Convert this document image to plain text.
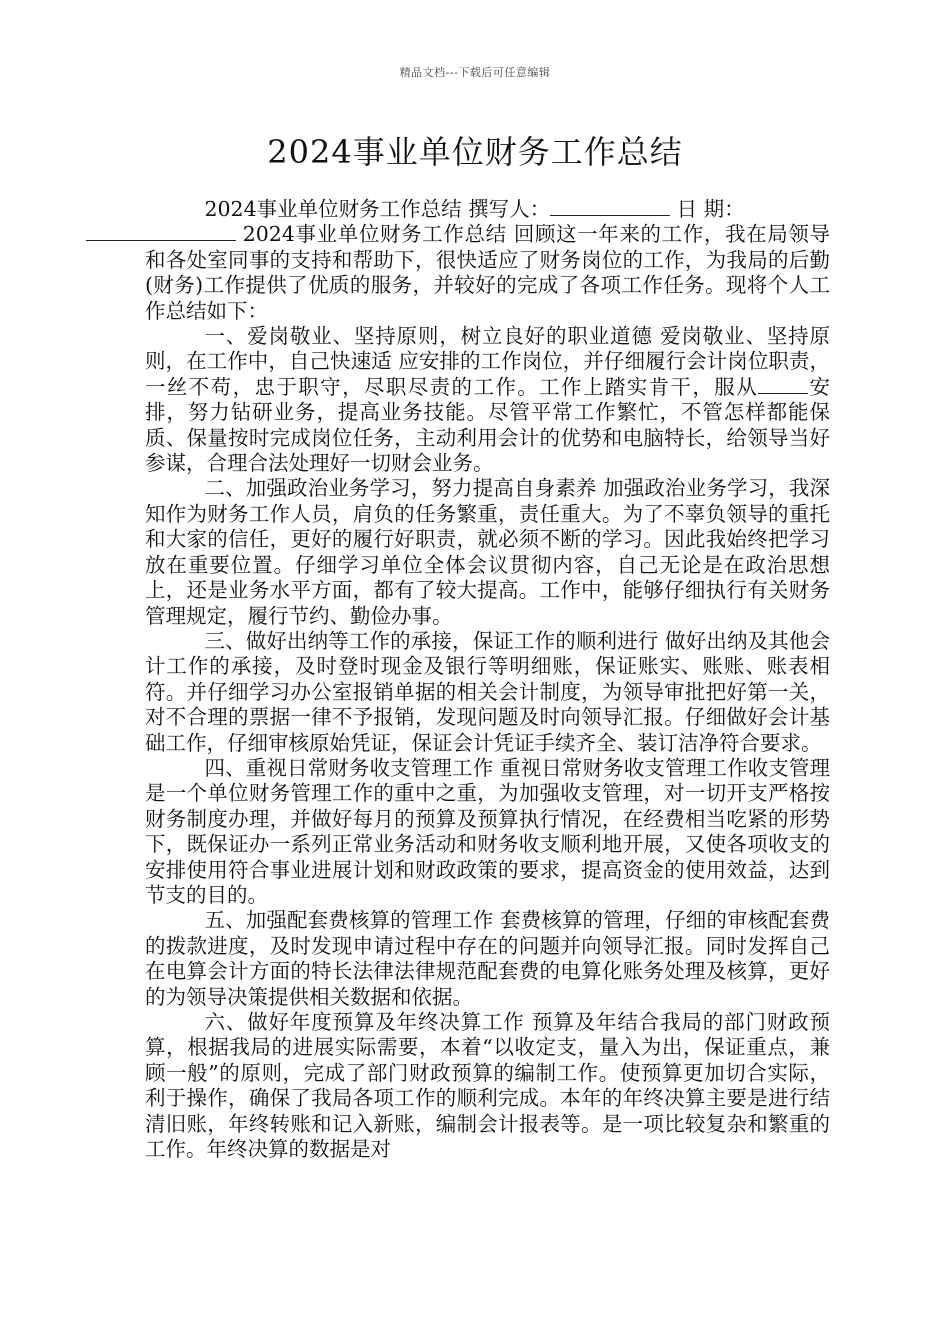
精品文档---下载后可任意编辑
2024事业单位财务工作总结

2024事业单位财务工作总结 撰写人：	日 期：
2024事业单位财务工作总结 回顾这一年来的工作，我在局领导和各处室同事的支持和帮助下，很快适应了财务岗位的工作，为我局的后勤(财务)工作提供了优质的服务，并较好的完成了各项工作任务。现将个人工作总结如下：

一、爱岗敬业、坚持原则，树立良好的职业道德 爱岗敬业、坚持原则，在工作中，自己快速适 应安排的工作岗位，并仔细履行会计岗位职责，一丝不苟，忠于职守，尽职尽责的工作。工作上踏实肯干，服从 安排，努力钻研业务，提高业务技能。尽管平常工作繁忙，不管怎样都能保质、保量按时完成岗位任务，主动利用会计的优势和电脑特长，给领导当好参谋，合理合法处理好一切财会业务。

二、加强政治业务学习，努力提高自身素养 加强政治业务学习，我深知作为财务工作人员，肩负的任务繁重，责任重大。为了不辜负领导的重托和大家的信任，更好的履行好职责，就必须不断的学习。因此我始终把学习放在重要位置。仔细学习单位全体会议贯彻内容，自己无论是在政治思想上，还是业务水平方面，都有了较大提高。工作中，能够仔细执行有关财务管理规定，履行节约、勤俭办事。

三、做好出纳等工作的承接，保证工作的顺利进行 做好出纳及其他会计工作的承接，及时登时现金及银行等明细账，保证账实、账账、账表相符。并仔细学习办公室报销单据的相关会计制度，为领导审批把好第一关，对不合理的票据一律不予报销，发现问题及时向领导汇报。仔细做好会计基础工作，仔细审核原始凭证，保证会计凭证手续齐全、装订洁净符合要求。

四、重视日常财务收支管理工作 重视日常财务收支管理工作收支管理是一个单位财务管理工作的重中之重，为加强收支管理，对一切开支严格按财务制度办理，并做好每月的预算及预算执行情况，在经费相当吃紧的形势下，既保证办一系列正常业务活动和财务收支顺利地开展，又使各项收支的安排使用符合事业进展计划和财政政策的要求，提高资金的使用效益，达到节支的目的。

五、加强配套费核算的管理工作 套费核算的管理，仔细的审核配套费的拨款进度，及时发现申请过程中存在的问题并向领导汇报。同时发挥自己在电算会计方面的特长法律法律规范配套费的电算化账务处理及核算，更好的为领导决策提供相关数据和依据。

六、做好年度预算及年终决算工作 预算及年结合我局的部门财政预算，根据我局的进展实际需要，本着“以收定支，量入为出，保证重点，兼顾一般”的原则，完成了部门财政预算的编制工作。使预算更加切合实际，利于操作，确保了我局各项工作的顺利完成。本年的年终决算主要是进行结清旧账，年终转账和记入新账，编制会计报表等。是一项比较复杂和繁重的工作。年终决算的数据是对
